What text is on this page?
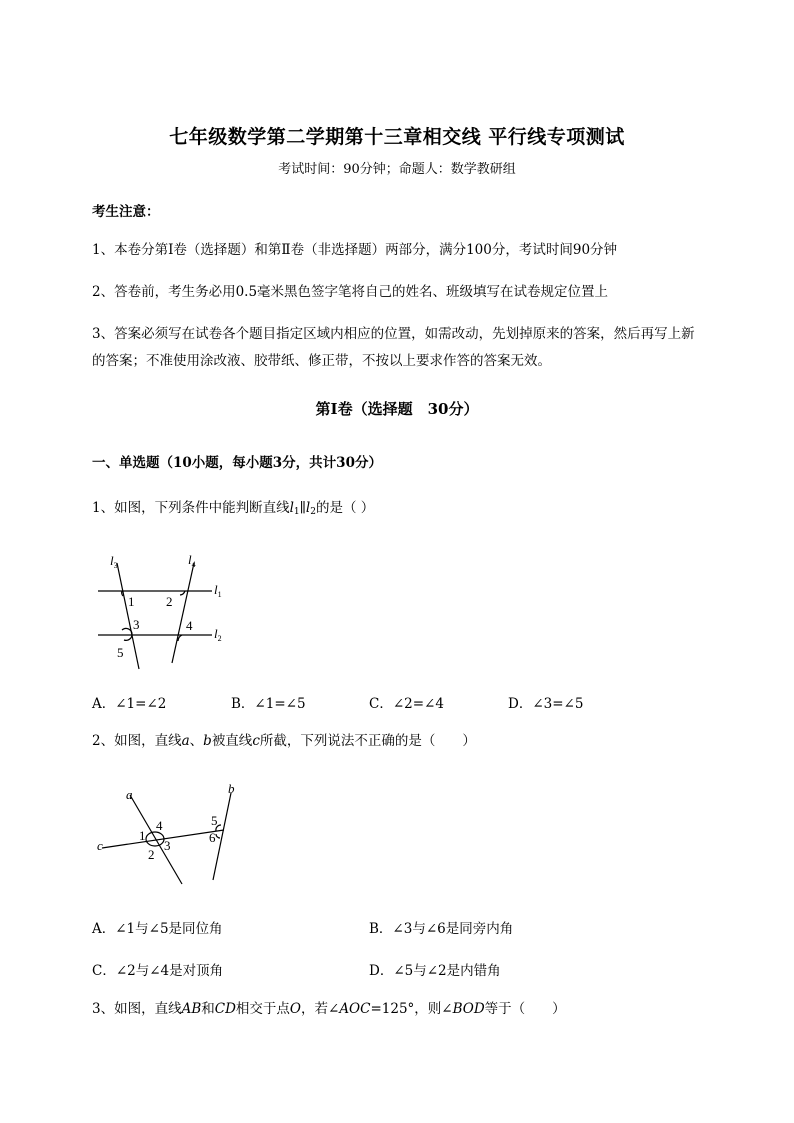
七年级数学第二学期第十三章相交线 平行线专项测试
考试时间：90分钟；命题人：数学教研组
考生注意：
1、本卷分第I卷（选择题）和第Ⅱ卷（非选择题）两部分，满分100分，考试时间90分钟
2、答卷前，考生务必用0.5毫米黑色签字笔将自己的姓名、班级填写在试卷规定位置上
3、答案必须写在试卷各个题目指定区域内相应的位置，如需改动，先划掉原来的答案，然后再写上新
的答案；不准使用涂改液、胶带纸、修正带，不按以上要求作答的答案无效。
第I卷（选择题　30分）
一、单选题（10小题，每小题3分，共计30分）
1、如图，下列条件中能判断直线$l_1\parallel l_2$的是（ ）
$l_3$	$l_4$
$l_1$
$l_2$
1 2
3	4
5
A．∠1=∠2	B．∠1=∠5	C．∠2=∠4	D．∠3=∠5
2、如图，直线a、b被直线c所截，下列说法不正确的是（　　）
a	b
c
1
2
3
4	5
6
A．∠1与∠5是同位角	B．∠3与∠6是同旁内角
C．∠2与∠4是对顶角	D．∠5与∠2是内错角
3、如图，直线AB和CD相交于点O，若∠AOC=125°，则∠BOD等于（　　）
